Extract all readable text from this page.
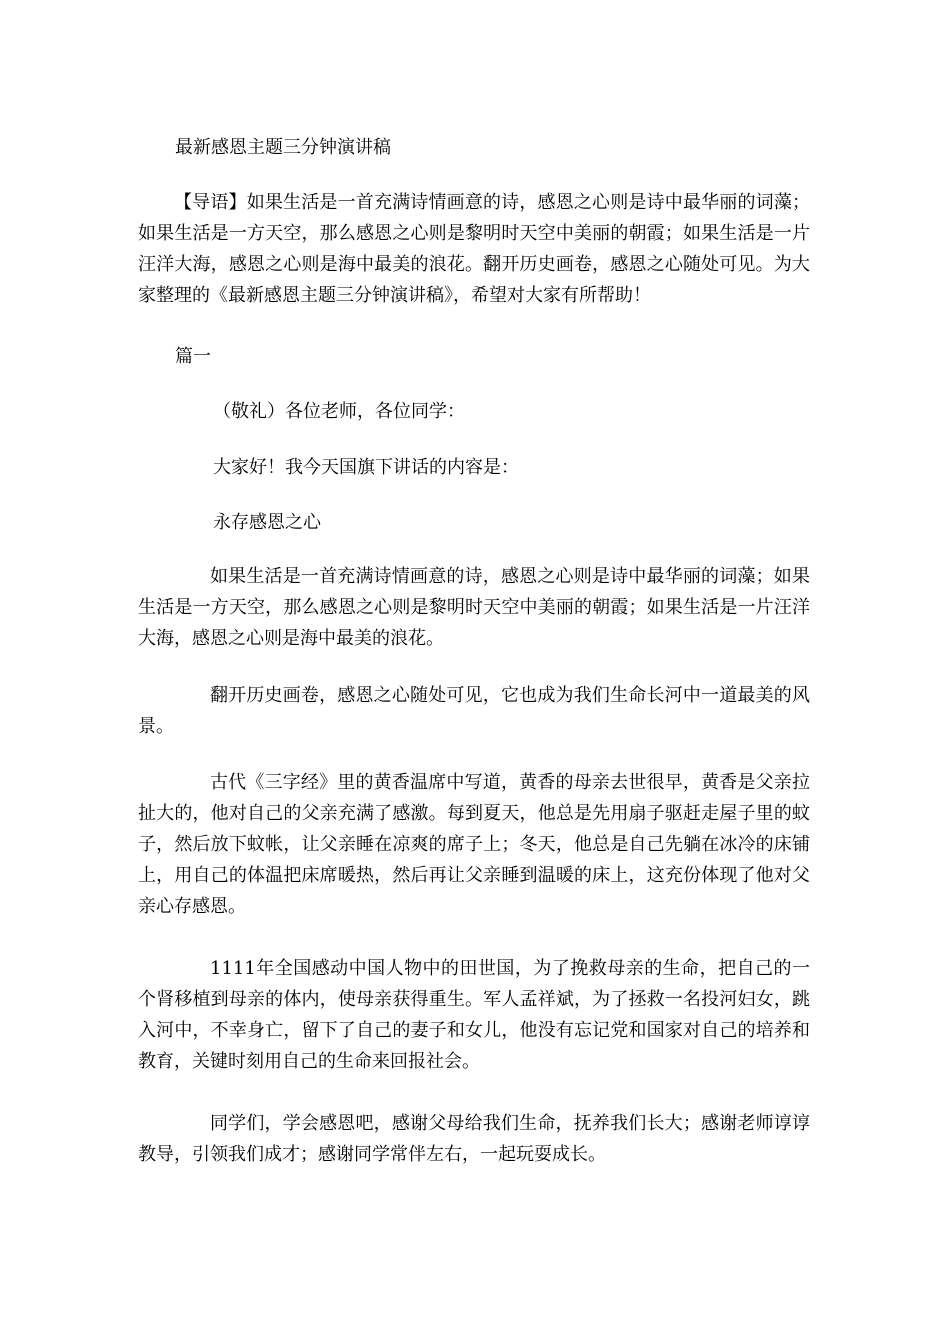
最新感恩主题三分钟演讲稿

【导语】如果生活是一首充满诗情画意的诗，感恩之心则是诗中最华丽的词藻；如果生活是一方天空，那么感恩之心则是黎明时天空中美丽的朝霞；如果生活是一片汪洋大海，感恩之心则是海中最美的浪花。翻开历史画卷，感恩之心随处可见。为大家整理的《最新感恩主题三分钟演讲稿》，希望对大家有所帮助！

篇一
（敬礼）各位老师，各位同学：
大家好！我今天国旗下讲话的内容是：
永存感恩之心

如果生活是一首充满诗情画意的诗，感恩之心则是诗中最华丽的词藻；如果生活是一方天空，那么感恩之心则是黎明时天空中美丽的朝霞；如果生活是一片汪洋大海，感恩之心则是海中最美的浪花。

翻开历史画卷，感恩之心随处可见，它也成为我们生命长河中一道最美的风景。

古代《三字经》里的黄香温席中写道，黄香的母亲去世很早，黄香是父亲拉扯大的，他对自己的父亲充满了感激。每到夏天，他总是先用扇子驱赶走屋子里的蚊子，然后放下蚊帐，让父亲睡在凉爽的席子上；冬天，他总是自己先躺在冰冷的床铺上，用自己的体温把床席暖热，然后再让父亲睡到温暖的床上，这充份体现了他对父亲心存感恩。

1111年全国感动中国人物中的田世国，为了挽救母亲的生命，把自己的一个肾移植到母亲的体内，使母亲获得重生。军人孟祥斌，为了拯救一名投河妇女，跳入河中，不幸身亡，留下了自己的妻子和女儿，他没有忘记党和国家对自己的培养和教育，关键时刻用自己的生命来回报社会。

同学们，学会感恩吧，感谢父母给我们生命，抚养我们长大；感谢老师谆谆教导，引领我们成才；感谢同学常伴左右，一起玩耍成长。
